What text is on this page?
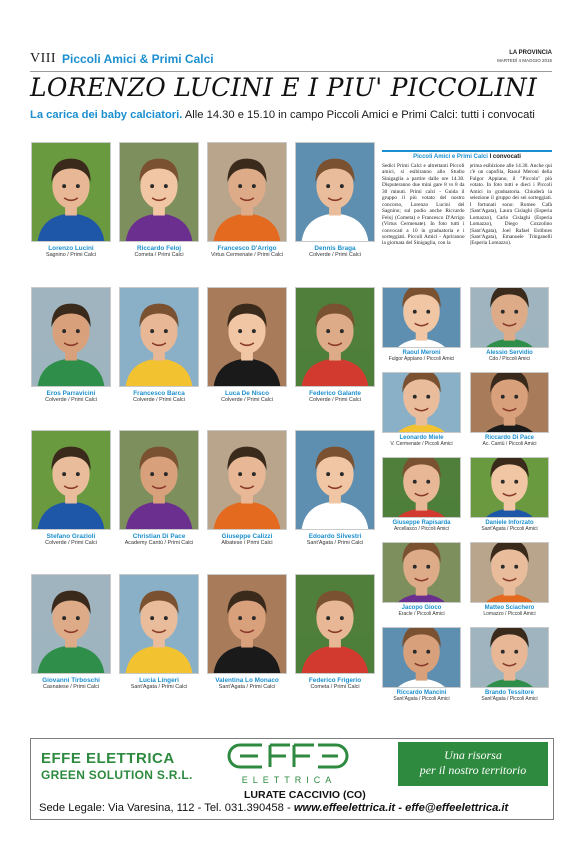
VIII Piccoli Amici & Primi Calci	LA PROVINCIA
MARTEDÌ 4 MAGGIO 2015
LORENZO LUCINI E I PIU' PICCOLINI
La carica dei baby calciatori. Alle 14.30 e 15.10 in campo Piccoli Amici e Primi Calci: tutti i convocati
Lorenzo Lucini
Sagnino / Primi Calci
Riccardo Feloj
Cometa / Primi Calci
Francesco D'Arrigo
Virtus Cermenate / Primi Calci
Dennis Braga
Colverde / Primi Calci
Eros Parravicini
Colverde / Primi Calci
Francesco Barca
Colverde / Primi Calci
Luca De Nisco
Colverde / Primi Calci
Federico Galante
Colverde / Primi Calci
Stefano Grazioli
Colverde / Primi Calci
Christian Di Pace
Academy Cantù / Primi Calci
Giuseppe Calizzi
Albatese / Primi Calci
Edoardo Silvestri
Sant'Agata / Primi Calci
Giovanni Tirboschi
Casnatese / Primi Calci
Lucia Lingeri
Sant'Agata / Primi Calci
Valentina Lo Monaco
Sant'Agata / Primi Calci
Federico Frigerio
Cometa / Primi Calci
Raoul Meroni
Fulgor Appiano / Piccoli Amici
Alessio Servidio
Cdo / Piccoli Amici
Leonardo Miele
V. Cermenate / Piccoli Amici
Riccardo Di Pace
Ac. Cantù / Piccoli Amici
Giuseppe Rapisarda
Arcellasco / Piccoli Amici
Daniele Inforzato
Sant'Agata / Piccoli Amici
Jacopo Gioco
Eracle / Piccoli Amici
Matteo Sciachero
Lomazzo / Piccoli Amici
Riccardo Mancini
Sant'Agata / Piccoli Amici
Brando Tessitore
Sant'Agata / Piccoli Amici
Piccoli Amici e Primi Calci I convocati
Sedici Primi Calci e altrettanti Piccoli amici, si esibiranno allo Studio Sinigaglia a partire dalle ore 14.30. Disputeranno due mini gare 8 vs 8 da 30 minuti. Primi calci - Guida il gruppo il più votato del nostro concorso, Lorenzo Lucini del Sagnino; sul podio anche Riccardo Feloj (Cometa) e Francesco D'Arrigo (Virtus Cermenate). In foto tutti i convocati a 10 in graduatoria e i sorteggiati. Piccoli Amici - Apriranno la giornata del Sinigaglia, con la
prima esibizione alle 14.30. Anche qui c'è un capofila, Raoul Meroni della Fulgor Appiano, il "Piccolo" più votato. In foto tutti e dieci i Piccoli Amici in graduatoria. Chiuderà la selezione il gruppo dei sei sorteggiati. I fortunati sono: Romeo Cafà (Sant'Agata), Laura Cislaghi (Esperia Lomazzo), Carlo Cislaghi (Esperia Lomazzo), Diego Cozzolino (Sant'Agata), Joel Rafael Estibnes (Sant'Agata), Emanuele Tringanelli (Esperia Lomazzo).
EFFE ELETTRICA
GREEN SOLUTION S.R.L.	ELETTRICA
LURATE CACCIVIO (CO)
Una risorsa
per il nostro territorio
Sede Legale: Via Varesina, 112 - Tel. 031.390458 - www.effeelettrica.it - effe@effeelettrica.it
